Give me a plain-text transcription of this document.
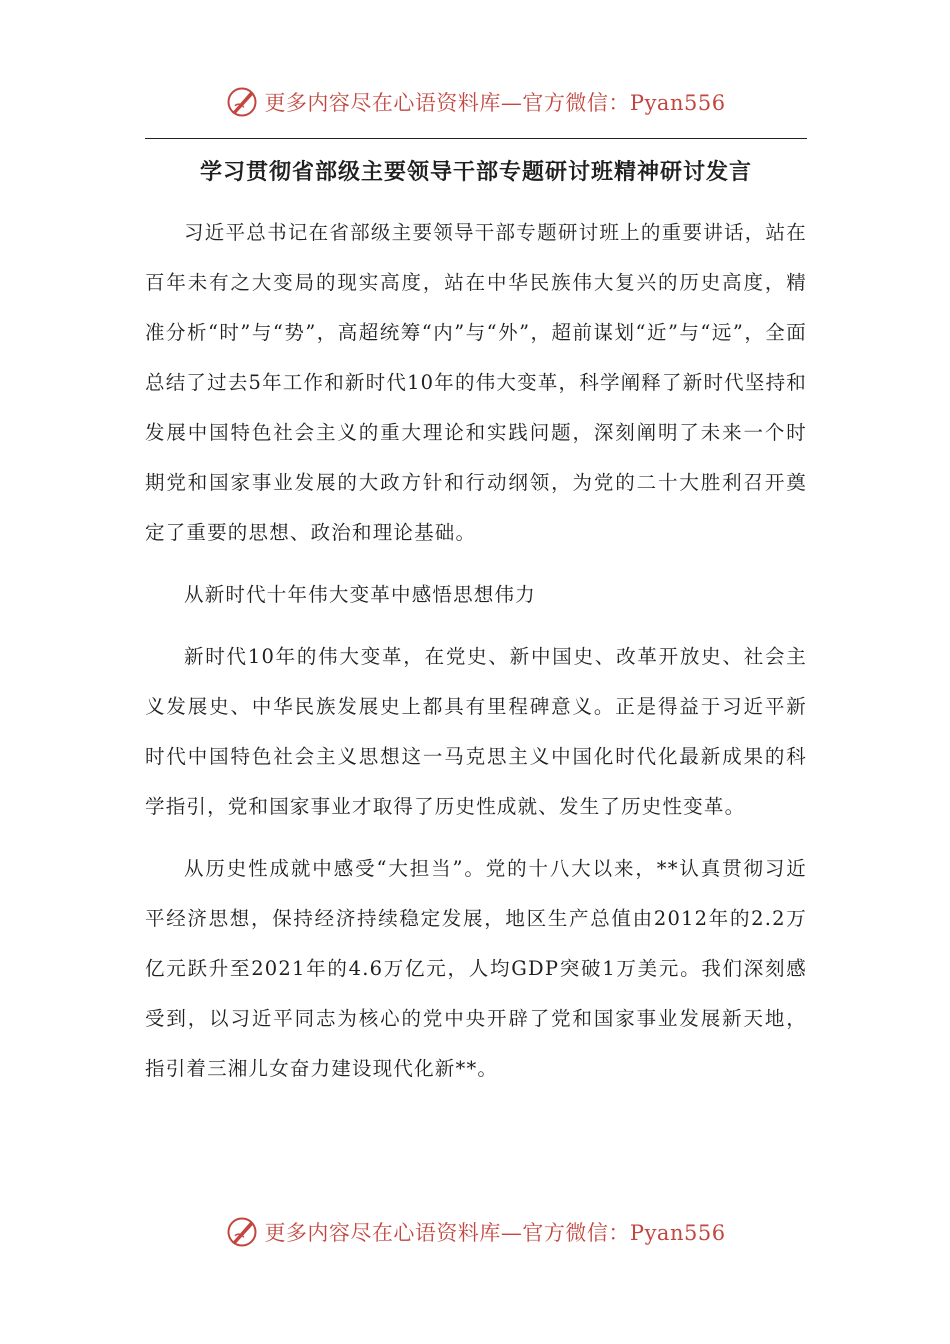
更多内容尽在心语资料库—官方微信：Pyan556
学习贯彻省部级主要领导干部专题研讨班精神研讨发言

习近平总书记在省部级主要领导干部专题研讨班上的重要讲话，站在百年未有之大变局的现实高度，站在中华民族伟大复兴的历史高度，精准分析“时”与“势”，高超统筹“内”与“外”，超前谋划“近”与“远”，全面总结了过去5年工作和新时代10年的伟大变革，科学阐释了新时代坚持和发展中国特色社会主义的重大理论和实践问题，深刻阐明了未来一个时期党和国家事业发展的大政方针和行动纲领，为党的二十大胜利召开奠定了重要的思想、政治和理论基础。

从新时代十年伟大变革中感悟思想伟力

新时代10年的伟大变革，在党史、新中国史、改革开放史、社会主义发展史、中华民族发展史上都具有里程碑意义。正是得益于习近平新时代中国特色社会主义思想这一马克思主义中国化时代化最新成果的科学指引，党和国家事业才取得了历史性成就、发生了历史性变革。

从历史性成就中感受“大担当”。党的十八大以来，**认真贯彻习近平经济思想，保持经济持续稳定发展，地区生产总值由2012年的2.2万亿元跃升至2021年的4.6万亿元，人均GDP突破1万美元。我们深刻感受到，以习近平同志为核心的党中央开辟了党和国家事业发展新天地，指引着三湘儿女奋力建设现代化新**。

更多内容尽在心语资料库—官方微信：Pyan556
